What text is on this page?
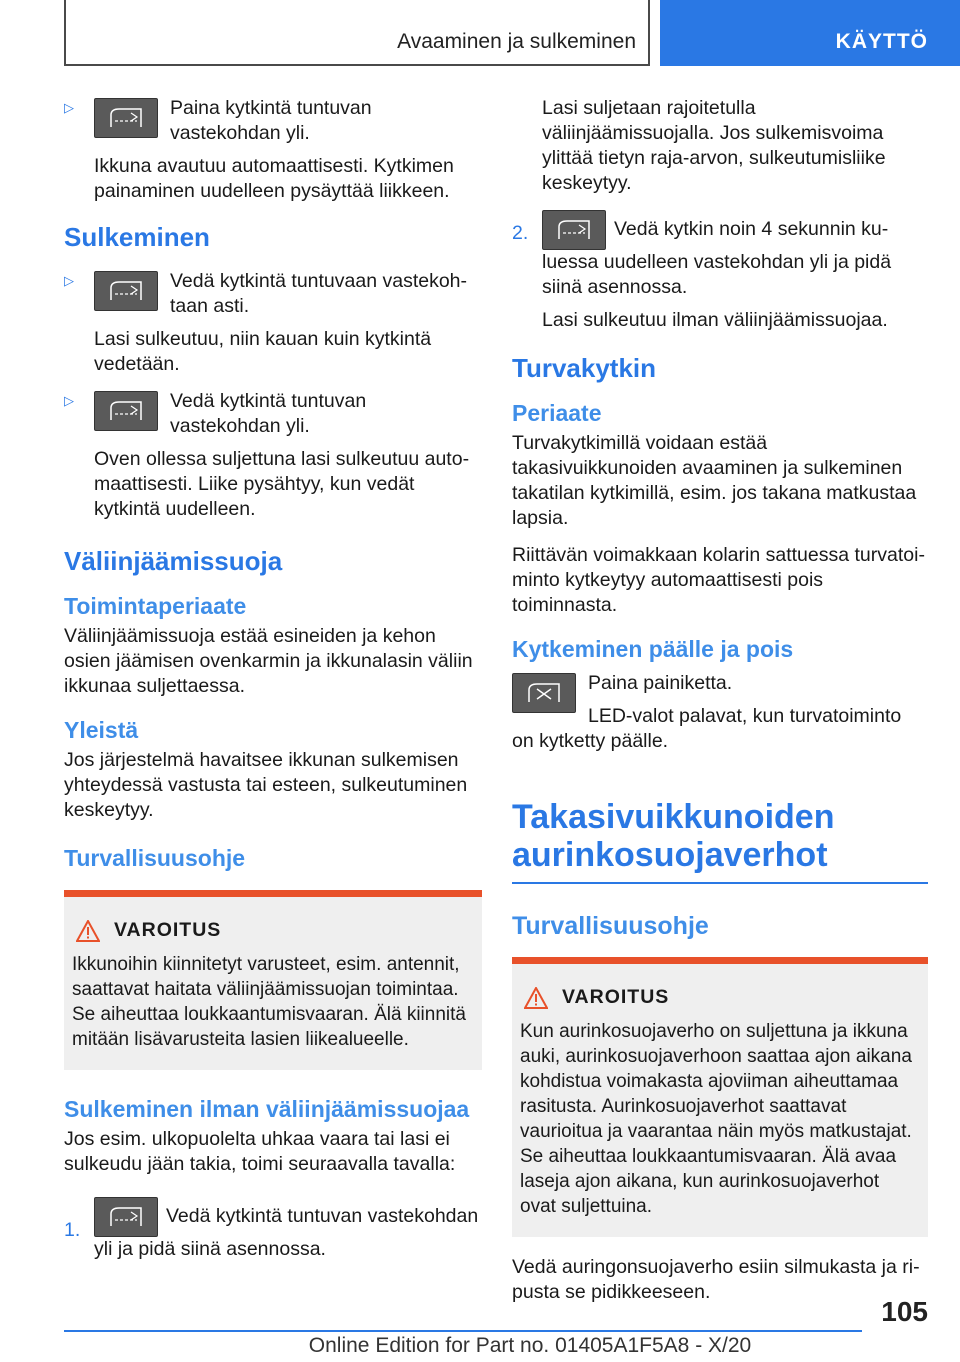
Avaaminen ja sulkeminen	KÄYTTÖ
▷	Paina kytkintä tuntuvan vastekohdan yli.

Ikkuna avautuu automaattisesti. Kytkimen painaminen uudelleen pysäyttää liikkeen.

Sulkeminen
▷	Vedä kytkintä tuntuvaan vastekohtaan asti.

Lasi sulkeutuu, niin kauan kuin kytkintä vedetään.

▷	Vedä kytkintä tuntuvan vastekohdan yli.

Oven ollessa suljettuna lasi sulkeutuu automaattisesti. Liike pysähtyy, kun vedät kytkintä uudelleen.

Väliinjäämissuoja
Toimintaperiaate

Väliinjäämissuoja estää esineiden ja kehon osien jäämisen ovenkarmin ja ikkunalasin väliin ikkunaa suljettaessa.

Yleistä

Jos järjestelmä havaitsee ikkunan sulkemisen yhteydessä vastusta tai esteen, sulkeutuminen keskeytyy.

Turvallisuusohje
VAROITUS

Ikkunoihin kiinnitetyt varusteet, esim. antennit, saattavat haitata väliinjäämissuojan toimintaa. Se aiheuttaa loukkaantumisvaaran. Älä kiinnitä mitään lisävarusteita lasien liikealueelle.

Sulkeminen ilman väliinjäämissuojaa

Jos esim. ulkopuolelta uhkaa vaara tai lasi ei sulkeudu jään takia, toimi seuraavalla tavalla:

1.

Vedä kytkintä tuntuvan vastekohdan yli ja pidä siinä asennossa.

Lasi suljetaan rajoitetulla väliinjäämissuojalla. Jos sulkemisvoima ylittää tietyn raja-arvon, sulkeutumisliike keskeytyy.

2.	Vedä kytkin noin 4 sekunnin kuluessa uudelleen vastekohdan yli ja pidä siinä asennossa.

Lasi sulkeutuu ilman väliinjäämissuojaa.

Turvakytkin
Periaate

Turvakytkimillä voidaan estää takasivuikkunoiden avaaminen ja sulkeminen takatilan kytkimillä, esim. jos takana matkustaa lapsia.

Riittävän voimakkaan kolarin sattuessa turvatoiminto kytkeytyy automaattisesti pois toiminnasta.

Kytkeminen päälle ja pois

Paina painiketta.

LED-valot palavat, kun turvatoiminto on kytketty päälle.

Takasivuikkunoiden aurinkosuojaverhot
Turvallisuusohje
VAROITUS

Kun aurinkosuojaverho on suljettuna ja ikkuna auki, aurinkosuojaverhoon saattaa ajon aikana kohdistua voimakasta ajoviiman aiheuttamaa rasitusta. Aurinkosuojaverhot saattavat vaurioitua ja vaarantaa näin myös matkustajat. Se aiheuttaa loukkaantumisvaaran. Älä avaa laseja ajon aikana, kun aurinkosuojaverhot ovat suljettuina.

Vedä auringonsuojaverho esiin silmukasta ja ripusta se pidikkeeseen.

105
Online Edition for Part no. 01405A1F5A8 - X/20
